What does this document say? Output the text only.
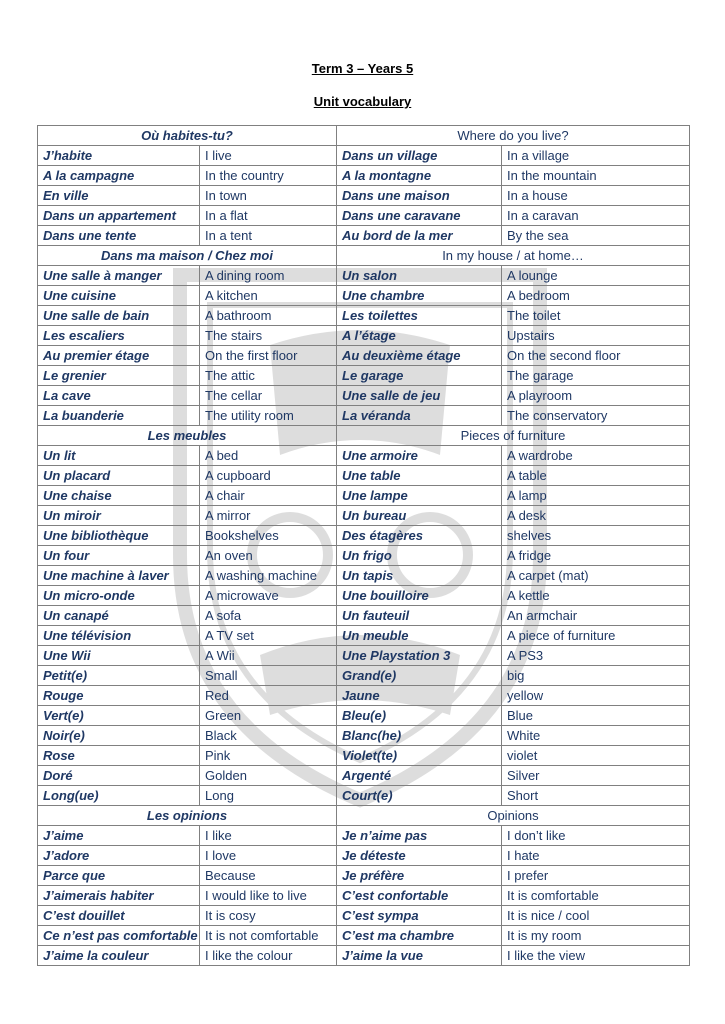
Term 3 – Years 5
Unit vocabulary
Où habites-tu?		Where do you live?	
J’habite	I live	Dans un village	In a village
A la campagne	In the country	A la montagne	In the mountain
En ville	In town	Dans une maison	In a house
Dans un appartement	In a flat	Dans une caravane	In a caravan
Dans une tente	In a tent	Au bord de la mer	By the sea
Dans ma maison / Chez moi		In my house / at home…	
Une salle à manger	A dining room	Un salon	A lounge
Une cuisine	A kitchen	Une chambre	A bedroom
Une salle de bain	A bathroom	Les toilettes	The toilet
Les escaliers	The stairs	A l’étage	Upstairs
Au premier étage	On the first floor	Au deuxième étage	On the second floor
Le grenier	The attic	Le garage	The garage
La cave	The cellar	Une salle de jeu	A playroom
La buanderie	The utility room	La véranda	The conservatory
Les meubles		Pieces of furniture	
Un lit	A bed	Une armoire	A wardrobe
Un placard	A cupboard	Une table	A table
Une chaise	A chair	Une lampe	A lamp
Un miroir	A mirror	Un bureau	A desk
Une bibliothèque	Bookshelves	Des étagères	shelves
Un four	An oven	Un frigo	A fridge
Une machine à laver	A washing machine	Un tapis	A carpet (mat)
Un micro-onde	A microwave	Une bouilloire	A kettle
Un canapé	A sofa	Un fauteuil	An armchair
Une télévision	A TV set	Un meuble	A piece of furniture
Une Wii	A Wii	Une Playstation 3	A PS3
Petit(e)	Small	Grand(e)	big
Rouge	Red	Jaune	yellow
Vert(e)	Green	Bleu(e)	Blue
Noir(e)	Black	Blanc(he)	White
Rose	Pink	Violet(te)	violet
Doré	Golden	Argenté	Silver
Long(ue)	Long	Court(e)	Short
Les opinions		Opinions	
J’aime	I like	Je n’aime pas	I don’t like
J’adore	I love	Je déteste	I hate
Parce que	Because	Je préfère	I prefer
J’aimerais habiter	I would like to live	C’est confortable	It is comfortable
C’est douillet	It is cosy	C’est sympa	It is nice / cool
Ce n’est pas comfortable	It is not comfortable	C’est ma chambre	It is my room
J’aime la couleur	I like the colour	J’aime la vue	I like the view
